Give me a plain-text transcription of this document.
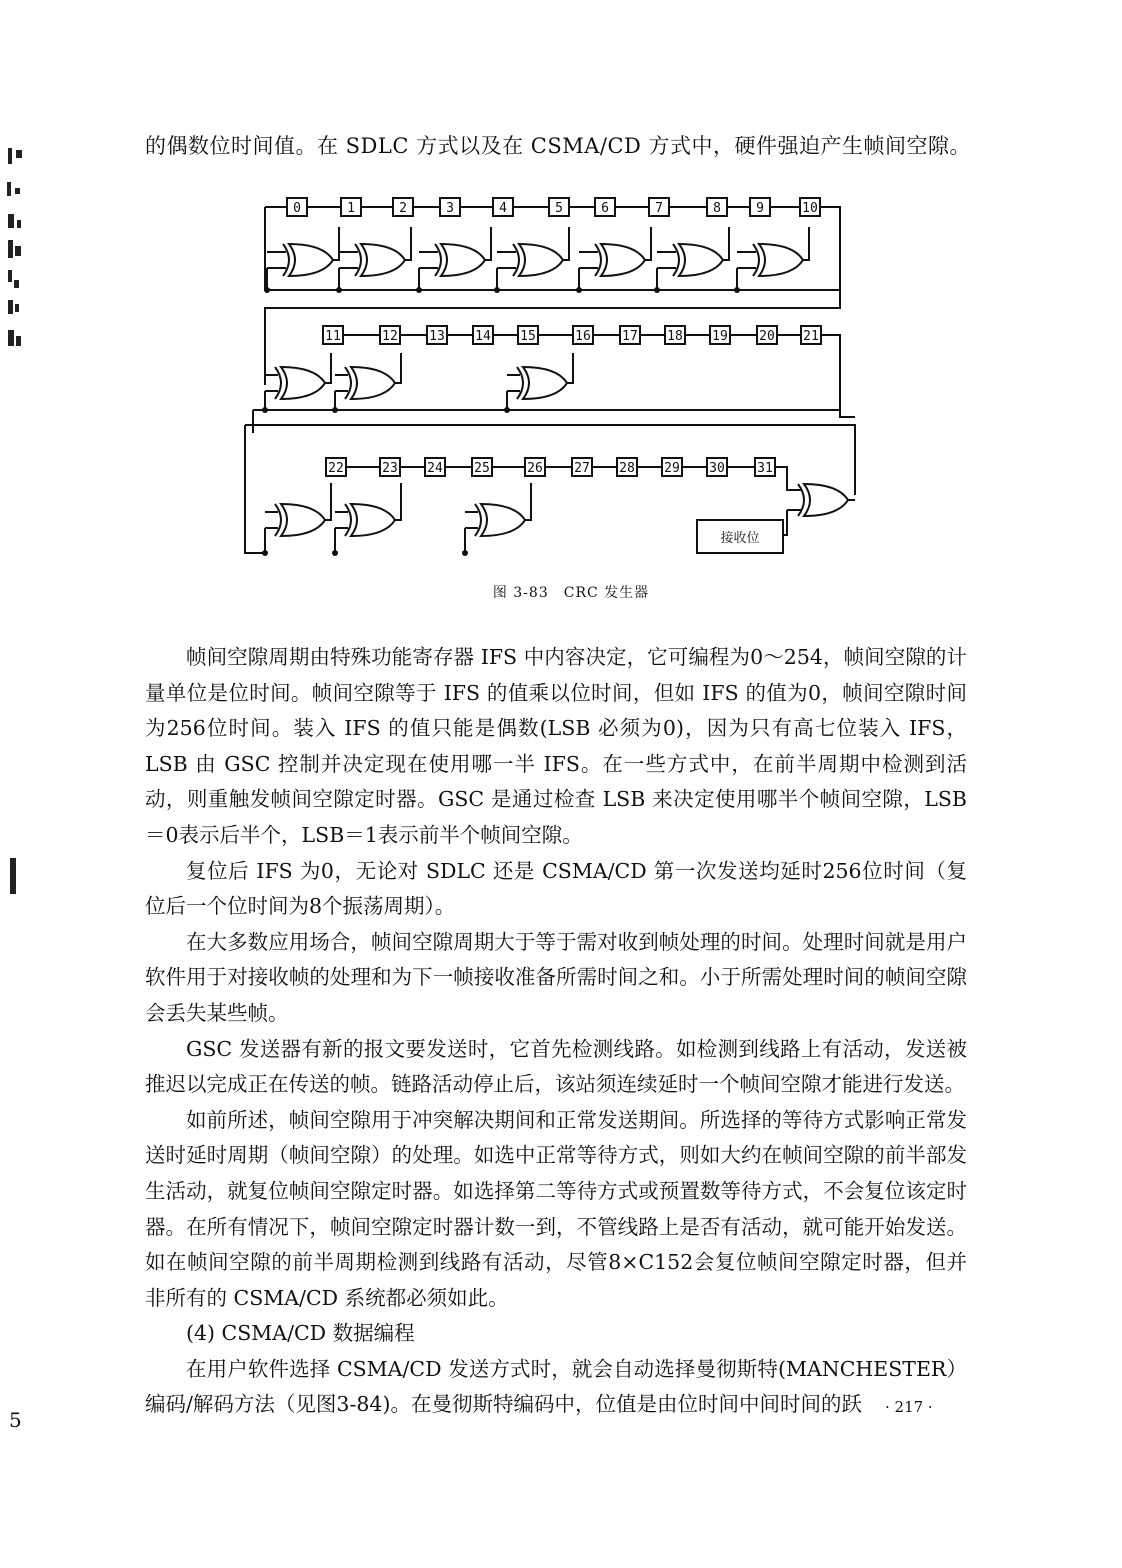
的偶数位时间值。在 SDLC 方式以及在 CSMA/CD 方式中，硬件强迫产生帧间空隙。
0	1	2	3	4	5	6	7	8	9	10
11	12 13 14 15	16 17 18 19 20 21
22	23 24 25	26 27 28 29 30 31
接收位
图 3-83　CRC 发生器

帧间空隙周期由特殊功能寄存器 IFS 中内容决定，它可编程为0～254，帧间空隙的计量单位是位时间。帧间空隙等于 IFS 的值乘以位时间，但如 IFS 的值为0，帧间空隙时间为256位时间。装入 IFS 的值只能是偶数(LSB 必须为0)，因为只有高七位装入 IFS，LSB 由 GSC 控制并决定现在使用哪一半 IFS。在一些方式中，在前半周期中检测到活动，则重触发帧间空隙定时器。GSC 是通过检查 LSB 来决定使用哪半个帧间空隙，LSB＝0表示后半个，LSB＝1表示前半个帧间空隙。

复位后 IFS 为0，无论对 SDLC 还是 CSMA/CD 第一次发送均延时256位时间（复位后一个位时间为8个振荡周期）。

在大多数应用场合，帧间空隙周期大于等于需对收到帧处理的时间。处理时间就是用户软件用于对接收帧的处理和为下一帧接收准备所需时间之和。小于所需处理时间的帧间空隙会丢失某些帧。

GSC 发送器有新的报文要发送时，它首先检测线路。如检测到线路上有活动，发送被推迟以完成正在传送的帧。链路活动停止后，该站须连续延时一个帧间空隙才能进行发送。

如前所述，帧间空隙用于冲突解决期间和正常发送期间。所选择的等待方式影响正常发送时延时周期（帧间空隙）的处理。如选中正常等待方式，则如大约在帧间空隙的前半部发生活动，就复位帧间空隙定时器。如选择第二等待方式或预置数等待方式，不会复位该定时器。在所有情况下，帧间空隙定时器计数一到，不管线路上是否有活动，就可能开始发送。如在帧间空隙的前半周期检测到线路有活动，尽管8×C152会复位帧间空隙定时器，但并非所有的 CSMA/CD 系统都必须如此。

(4) CSMA/CD 数据编程

在用户软件选择 CSMA/CD 发送方式时，就会自动选择曼彻斯特(MANCHESTER）编码/解码方法（见图3-84)。在曼彻斯特编码中，位值是由位时间中间时间的跃	· 217 ·
5
